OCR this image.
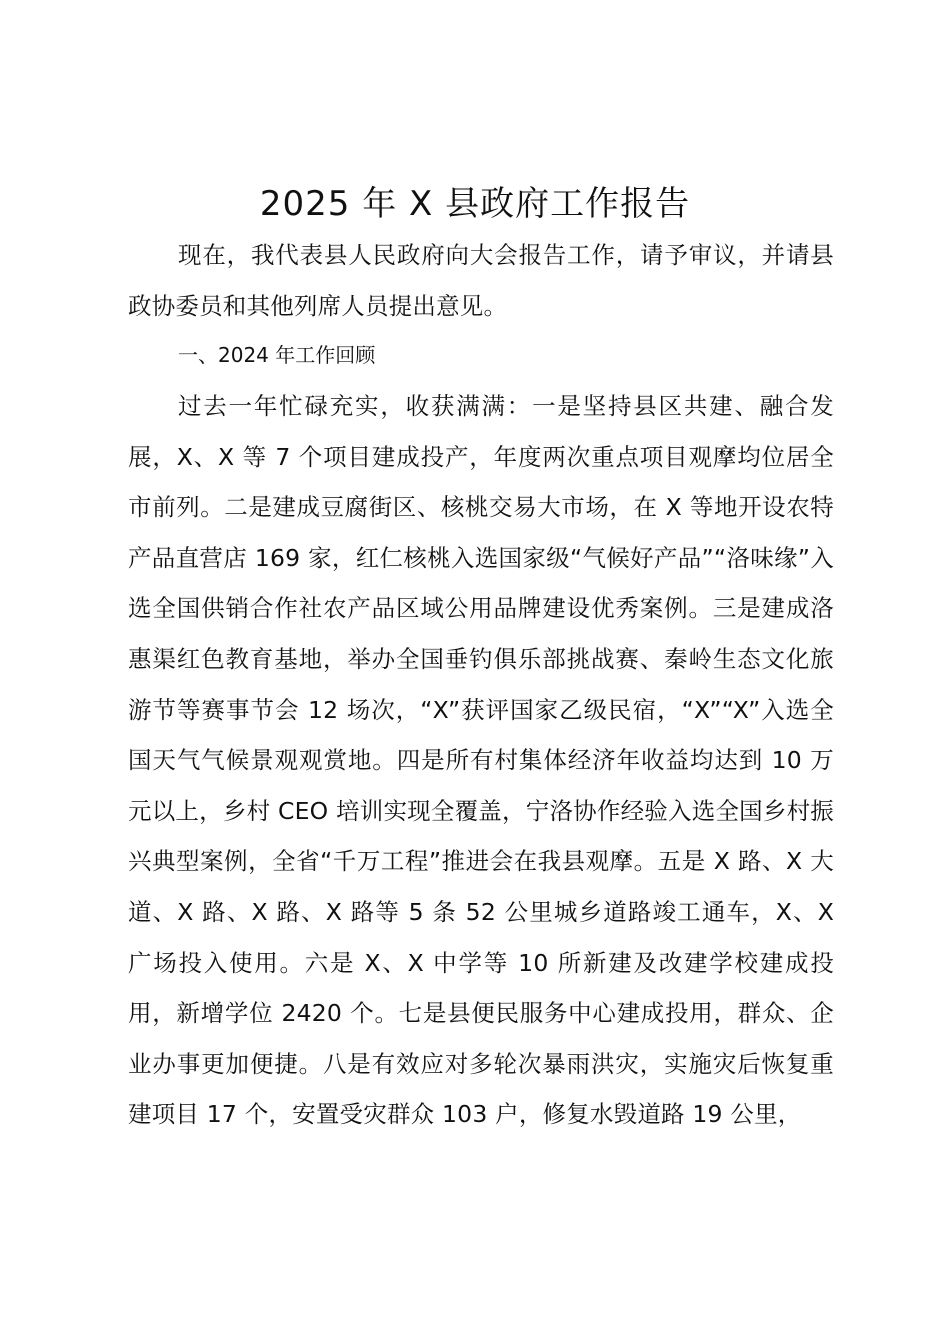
2025 年 X 县政府工作报告
现在，我代表县人民政府向大会报告工作，请予审议，并请县政协委员和其他列席人员提出意见。
一、2024 年工作回顾
过去一年忙碌充实，收获满满：一是坚持县区共建、融合发展，X、X 等 7 个项目建成投产，年度两次重点项目观摩均位居全市前列。二是建成豆腐街区、核桃交易大市场，在 X 等地开设农特产品直营店 169 家，红仁核桃入选国家级“气候好产品”“洛味缘”入选全国供销合作社农产品区域公用品牌建设优秀案例。三是建成洛惠渠红色教育基地，举办全国垂钓俱乐部挑战赛、秦岭生态文化旅游节等赛事节会 12 场次，“X”获评国家乙级民宿，“X”“X”入选全国天气气候景观观赏地。四是所有村集体经济年收益均达到 10 万元以上，乡村 CEO 培训实现全覆盖，宁洛协作经验入选全国乡村振兴典型案例，全省“千万工程”推进会在我县观摩。五是 X 路、X 大道、X 路、X 路、X 路等 5 条 52 公里城乡道路竣工通车，X、X 广场投入使用。六是 X、X 中学等 10 所新建及改建学校建成投用，新增学位 2420 个。七是县便民服务中心建成投用，群众、企业办事更加便捷。八是有效应对多轮次暴雨洪灾，实施灾后恢复重建项目 17 个，安置受灾群众 103 户，修复水毁道路 19 公里，
